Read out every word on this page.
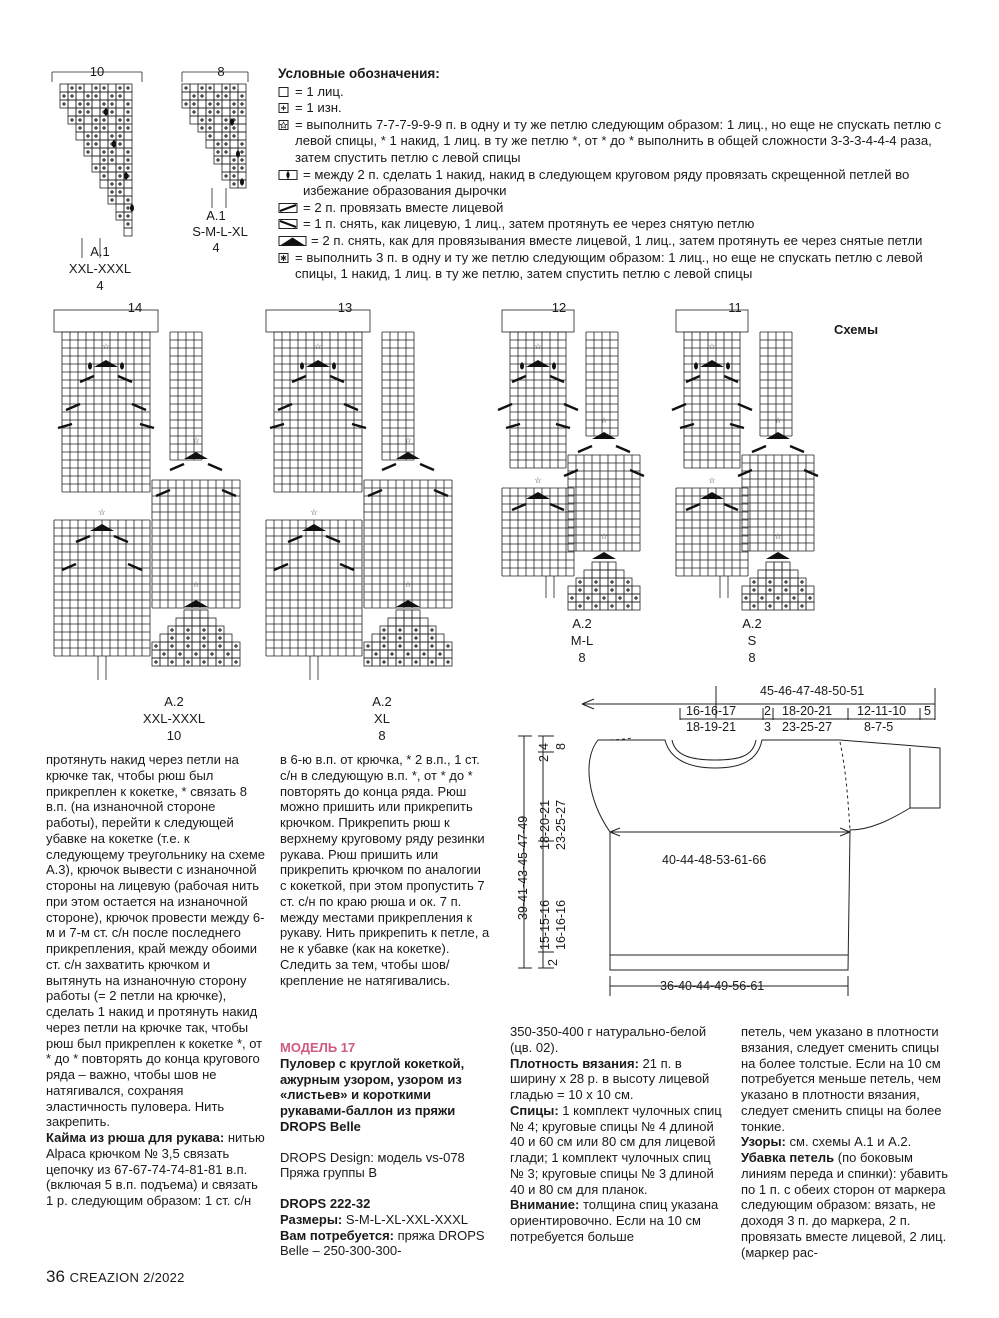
10
A.1
XXL-XXXL
4
8
A.1
S-M-L-XL
4
Условные обозначения:
= 1 лиц.
= 1 изн.
= выполнить 7-7-7-9-9-9 п. в одну и ту же петлю следующим образом: 1 лиц., но еще не спускать петлю с левой спицы, * 1 накид, 1 лиц. в ту же петлю *, от * до * выполнить в общей сложности 3-3-3-4-4-4 раза, затем спустить петлю с левой спицы
= между 2 п. сделать 1 накид, накид в следующем круговом ряду провязать скрещенной петлей во избежание образования дырочки
= 2 п. провязать вместе лицевой
= 1 п. снять, как лицевую, 1 лиц., затем протянуть ее через снятую петлю
= 2 п. снять, как для провязывания вместе лицевой, 1 лиц., затем протянуть ее через снятые петли
= выполнить 3 п. в одну и ту же петлю следующим образом: 1 лиц., но еще не спускать петлю с левой спицы, 1 накид, 1 лиц. в ту же петлю, затем спустить петлю с левой спицы
☆
☆
☆
☆
☆
☆
☆
☆
☆
☆
☆
☆
☆
☆
☆
☆
14	13	12	11
A.2
XXL-XXXL
10
A.2
XL
8
A.2
M-L
8
A.2
S
8
Схемы
45-46-47-48-50-51
16-16-17
18-19-21
2
3
18-20-21
23-25-27
12-11-10
8-7-5
5
40-44-48-53-61-66
36-40-44-49-56-61
39-41-43-45-47-49 18-20-21 23-25-27
15-15-16 16-16-16
4
2
8
2

протянуть накид через петли на крючке так, чтобы рюш был прикреплен к кокетке, * связать 8 в.п. (на изнаночной стороне работы), перейти к следующей убавке на кокетке (т.е. к следующему треугольнику на схеме А.3), крючок вывести с изнаночной стороны на лицевую (рабочая нить при этом остается на изнаночной стороне), крючок провести между 6-м и 7-м ст. с/н после последнего прикрепления, край между обоими ст. с/н захватить крючком и вытянуть на изнаночную сторону работы (= 2 петли на крючке), сделать 1 накид и протянуть накид через петли на крючке так, чтобы рюш был прикреплен к кокетке *, от * до * повторять до конца кругового ряда – важно, чтобы шов не натягивался, сохраняя эластичность пуловера. Нить закрепить.

Кайма из рюша для рукава: нитью Alpaca крючком № 3,5 связать цепочку из 67-67-74-74-81-81 в.п. (включая 5 в.п. подъема) и связать 1 р. следующим образом: 1 ст. с/н

в 6-ю в.п. от крючка, * 2 в.п., 1 ст. с/н в следующую в.п. *, от * до * повторять до конца ряда. Рюш можно пришить или прикрепить крючком. Прикрепить рюш к верхнему круговому ряду резинки рукава. Рюш пришить или прикрепить крючком по аналогии с кокеткой, при этом пропустить 7 ст. с/н по краю рюша и ок. 7 п. между местами прикрепления к рукаву. Нить прикрепить к петле, а не к убавке (как на кокетке). Следить за тем, чтобы шов/крепление не натягивались.

МОДЕЛЬ 17

Пуловер с круглой кокеткой, ажурным узором, узором из «листьев» и короткими рукавами-баллон из пряжи DROPS Belle

DROPS Design: модель vs-078

Пряжа группы B

DROPS 222-32

Размеры: S-M-L-XL-XXL-XXXL

Вам потребуется: пряжа DROPS Belle – 250-300-300-

350-350-400 г натурально-белой (цв. 02).

Плотность вязания: 21 п. в ширину х 28 р. в высоту лицевой гладью = 10 х 10 см.

Спицы: 1 комплект чулочных спиц № 4; круговые спицы № 4 длиной 40 и 60 см или 80 см для лицевой глади; 1 комплект чулочных спиц № 3; круговые спицы № 3 длиной 40 и 80 см для планок.

Внимание: толщина спиц указана ориентировочно. Если на 10 см потребуется больше

петель, чем указано в плотности вязания, следует сменить спицы на более толстые. Если на 10 см потребуется меньше петель, чем указано в плотности вязания, следует сменить спицы на более тонкие.

Узоры: см. схемы A.1 и A.2.

Убавка петель (по боковым линиям переда и спинки): убавить по 1 п. с обеих сторон от маркера следующим образом: вязать, не доходя 3 п. до маркера, 2 п. провязать вместе лицевой, 2 лиц. (маркер рас-

36 CREAZION 2/2022
